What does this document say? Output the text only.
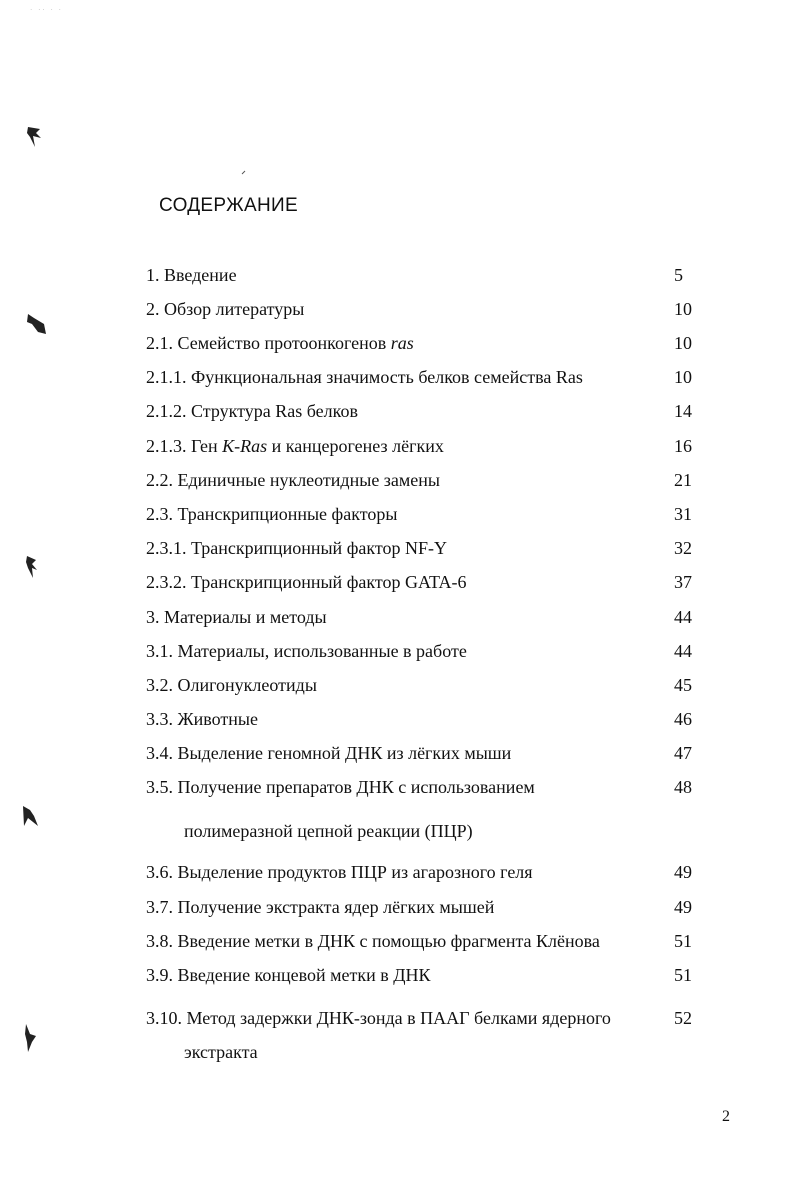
· ·· · ·
СОДЕРЖАНИЕ
1. Введение	5
2. Обзор литературы	10
2.1. Семейство протоонкогенов ras	10
2.1.1. Функциональная значимость белков семейства Ras	10
2.1.2. Структура Ras белков	14
2.1.3. Ген K-Ras и канцерогенез лёгких	16
2.2. Единичные нуклеотидные замены	21
2.3. Транскрипционные факторы	31
2.3.1. Транскрипционный фактор NF-Y	32
2.3.2. Транскрипционный фактор GATA-6	37
3. Материалы и методы	44
3.1. Материалы, использованные в работе	44
3.2. Олигонуклеотиды	45
3.3. Животные	46
3.4. Выделение геномной ДНК из лёгких мыши	47
3.5. Получение препаратов ДНК с использованием	48
полимеразной цепной реакции (ПЦР)
3.6. Выделение продуктов ПЦР из агарозного геля	49
3.7. Получение экстракта ядер лёгких мышей	49
3.8. Введение метки в ДНК с помощью фрагмента Клёнова	51
3.9. Введение концевой метки в ДНК	51
3.10. Метод задержки ДНК-зонда в ПААГ белками ядерного	52
экстракта
2
